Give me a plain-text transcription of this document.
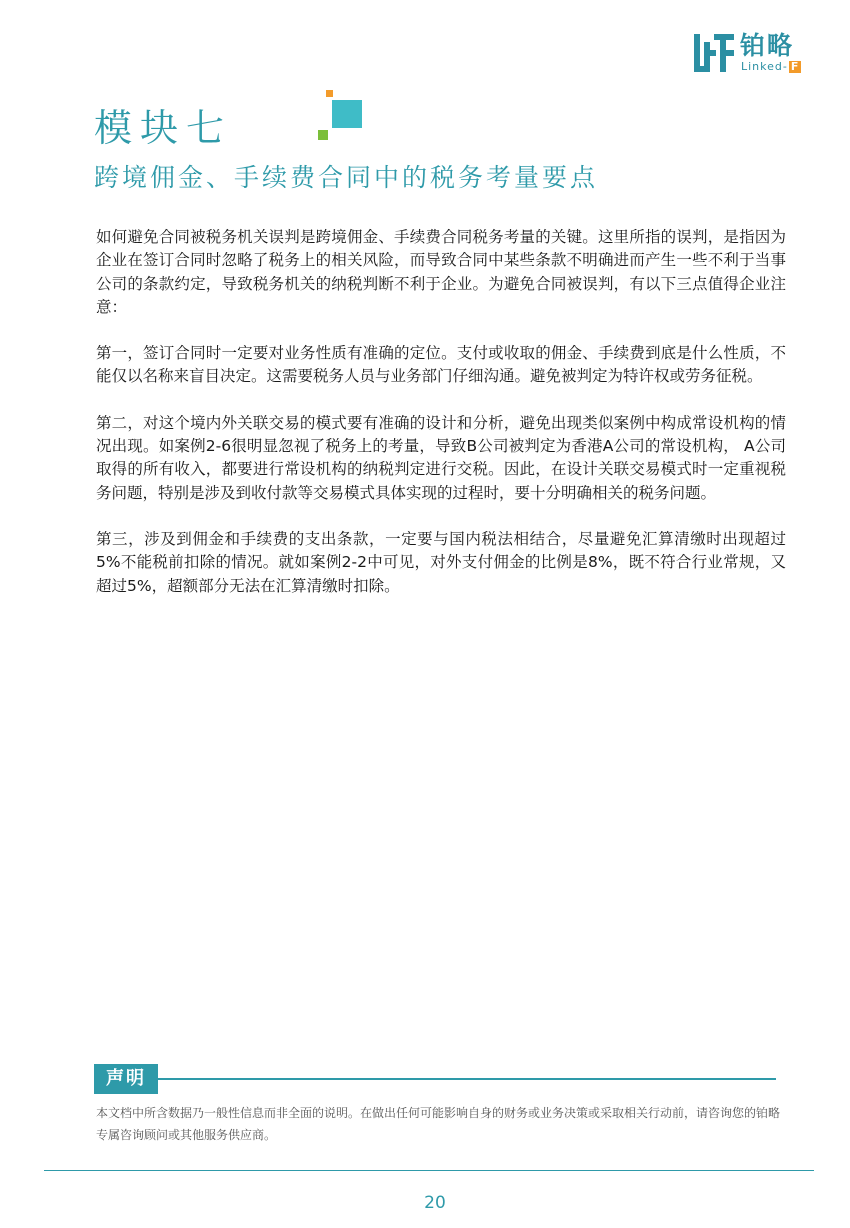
铂略
Linked- F
模块七
跨境佣金、手续费合同中的税务考量要点

如何避免合同被税务机关误判是跨境佣金、手续费合同税务考量的关键。这里所指的误判，是指因为企业在签订合同时忽略了税务上的相关风险，而导致合同中某些条款不明确进而产生一些不利于当事公司的条款约定，导致税务机关的纳税判断不利于企业。为避免合同被误判，有以下三点值得企业注意：

第一，签订合同时一定要对业务性质有准确的定位。支付或收取的佣金、手续费到底是什么性质，不能仅以名称来盲目决定。这需要税务人员与业务部门仔细沟通。避免被判定为特许权或劳务征税。

第二，对这个境内外关联交易的模式要有准确的设计和分析，避免出现类似案例中构成常设机构的情况出现。如案例2-6很明显忽视了税务上的考量，导致B公司被判定为香港A公司的常设机构， A公司取得的所有收入，都要进行常设机构的纳税判定进行交税。因此，在设计关联交易模式时一定重视税务问题，特别是涉及到收付款等交易模式具体实现的过程时，要十分明确相关的税务问题。

第三，涉及到佣金和手续费的支出条款，一定要与国内税法相结合，尽量避免汇算清缴时出现超过5%不能税前扣除的情况。就如案例2-2中可见，对外支付佣金的比例是8%，既不符合行业常规，又超过5%，超额部分无法在汇算清缴时扣除。

声明
本文档中所含数据乃一般性信息而非全面的说明。在做出任何可能影响自身的财务或业务决策或采取相关行动前，请咨询您的铂略专属咨询顾问或其他服务供应商。
20
